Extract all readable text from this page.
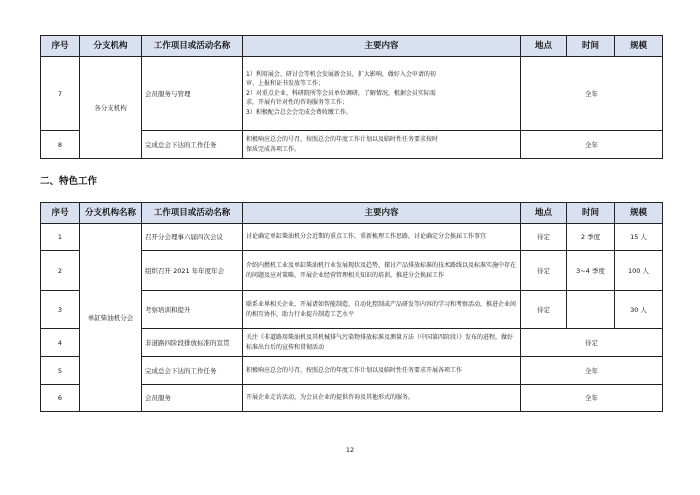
序号	分支机构	工作项目或活动名称	主要内容	地点	时间	规模
7	各分支机构	会员服务与管理	1）利用展会、研讨会等机会发展新会员，扩大影响，做好入会申请的初
审、上报和证书发放等工作；
2）对重点企业、科研院所等会员单位调研，了解情况，根据会员实际需
求，开展有针对性的咨询服务等工作；
3）积极配合总会会完成会费收缴工作。	全年		
8		完成总会下达的工作任务	积极响应总会的号召，按照总会的年度工作计划以及临时性任务要求按时
保质完成各项工作。	全年		
二、特色工作
序号	分支机构名称	工作项目或活动名称	主要内容	地点	时间	规模
1	单缸柴油机分会	召开分会理事六届四次会议	讨论确定单缸柴油机分会近期的重点工作，重新梳理工作思路，讨论确定分会换届工作事宜	待定	2 季度	15 人
2		组织召开 2021 年年度年会	介绍内燃机工业及单缸柴油机行业发展现状及趋势，探讨产品排放标准的技术路线以及标准实施中存在的问题及应对策略，开展企业经营管理相关知识的培训，推进分会换届工作	待定	3~4 季度	100 人
3		考察培训和提升	联系业界相关企业，开展诸如智能制造、自动化控制或产品研发等内容的学习和考察活动，推进企业间的相互协作，助力行业提升制造工艺水平	待定		30 人
4		非道路四阶段排放标准的宣贯	关注《非道路用柴油机及其机械排气污染物排放标准及测量方法（中国第四阶段）》发布的进程，做好标准出台后的宣传和贯彻活动	待定		
5		完成总会下达的工作任务	积极响应总会的号召，按照总会的年度工作计划以及临时性任务要求开展各项工作	全年		
6		会员服务	开展企业走访活动，为会员企业的提供咨询及其他形式的服务。	全年		
12
